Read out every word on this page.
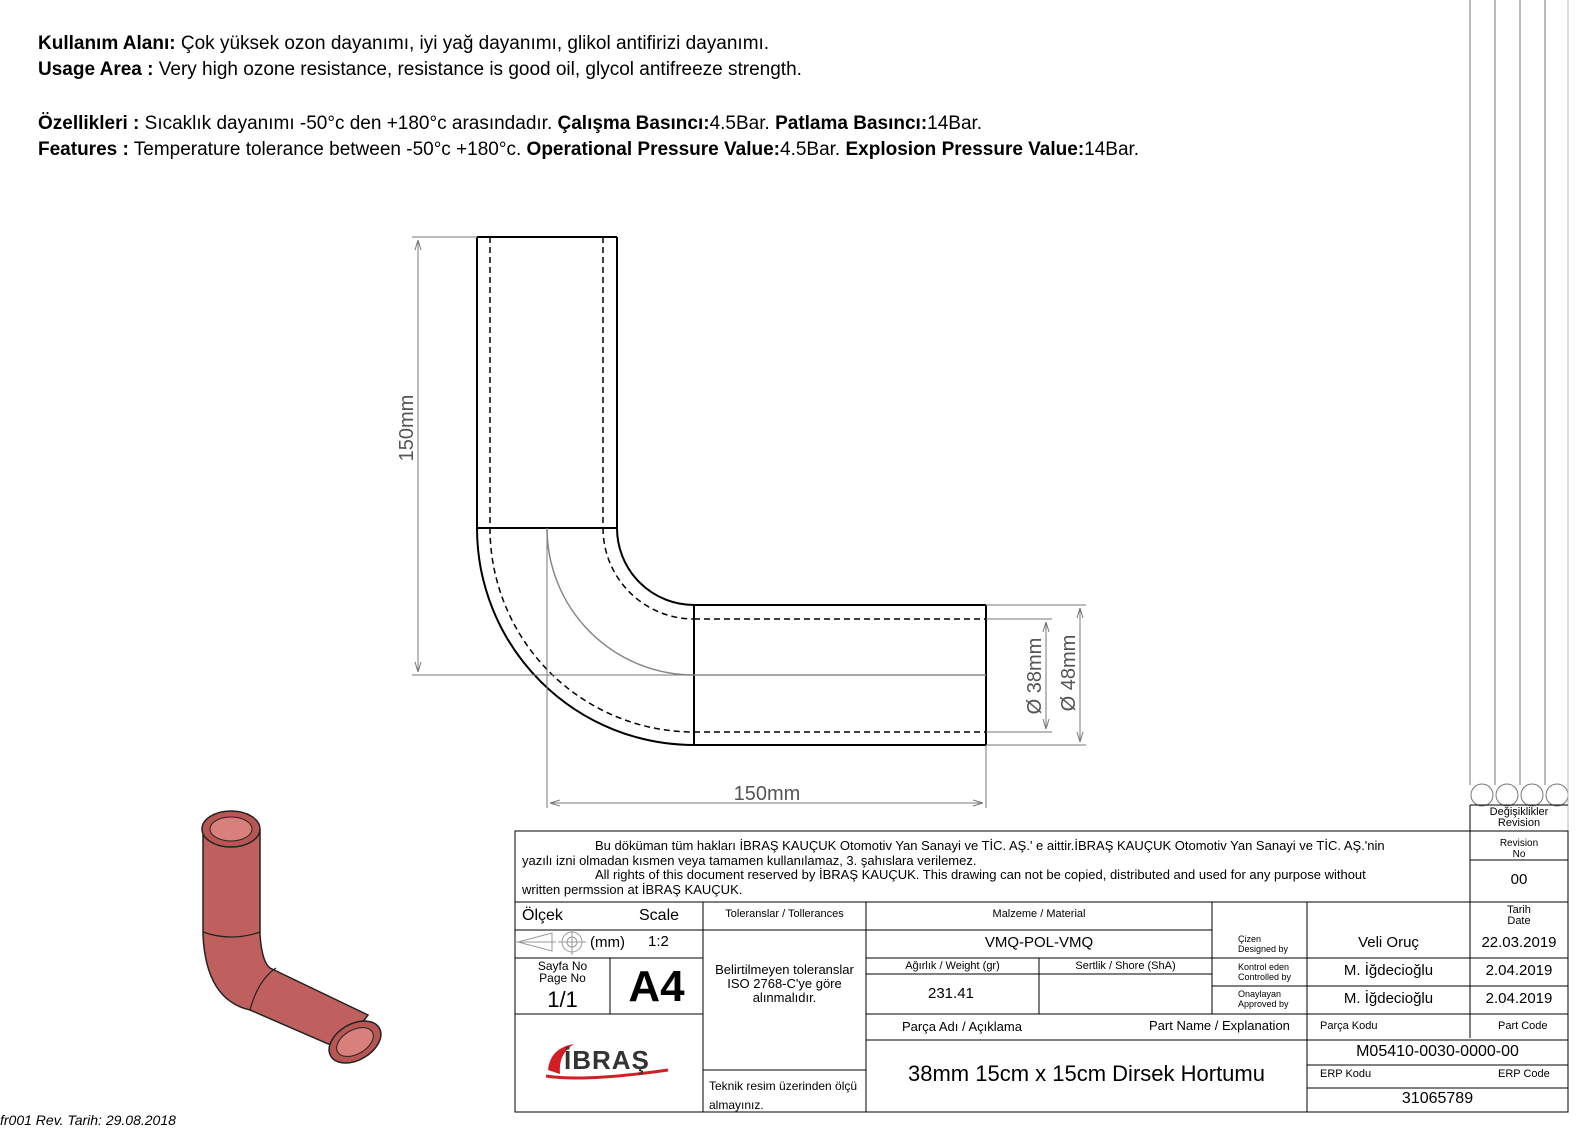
Kullanım Alanı: Çok yüksek ozon dayanımı, iyi yağ dayanımı, glikol antifirizi dayanımı.
Usage Area : Very high ozone resistance, resistance is good oil, glycol antifreeze strength.
Özellikleri : Sıcaklık dayanımı -50°c den +180°c arasındadır. Çalışma Basıncı:4.5Bar. Patlama Basıncı:14Bar.
Features : Temperature tolerance between -50°c +180°c. Operational Pressure Value:4.5Bar. Explosion Pressure Value:14Bar.
150mm
150mm
Ø 38mm Ø 48mm
Bu döküman tüm hakları İBRAŞ KAUÇUK Otomotiv Yan Sanayi ve TİC. AŞ.' e aittir.İBRAŞ KAUÇUK Otomotiv Yan Sanayi ve TİC. AŞ.'nin
yazılı izni olmadan kısmen veya tamamen kullanılamaz, 3. şahıslara verilemez.
All rights of this document reserved by İBRAŞ KAUÇUK. This drawing can not be copied, distributed and used for any purpose without
written permssion at İBRAŞ KAUÇUK.
Değişiklikler
Revision
Revision
No
00
Tarih
Date
Ölçek	Scale
(mm) 1:2
Sayfa No
Page No
1/1	A4
Toleranslar / Tollerances
Belirtilmeyen toleranslar
ISO 2768-C'ye göre
alınmalıdır.
Teknik resim üzerinden ölçü
almayınız.
Malzeme / Material
VMQ-POL-VMQ
Ağırlık / Weight (gr)
231.41
Sertlik / Shore (ShA)
Çizen
Designed by	Veli Oruç	22.03.2019
Kontrol eden
Controlled by	M. İğdecioğlu	2.04.2019
Onaylayan
Approved by	M. İğdecioğlu	2.04.2019
Parça Adı / Açıklama	Part Name / Explanation
38mm 15cm x 15cm Dirsek Hortumu
Parça Kodu	Part Code
M05410-0030-0000-00
ERP Kodu	ERP Code
31065789
İBRAŞ
fr001 Rev. Tarih: 29.08.2018
